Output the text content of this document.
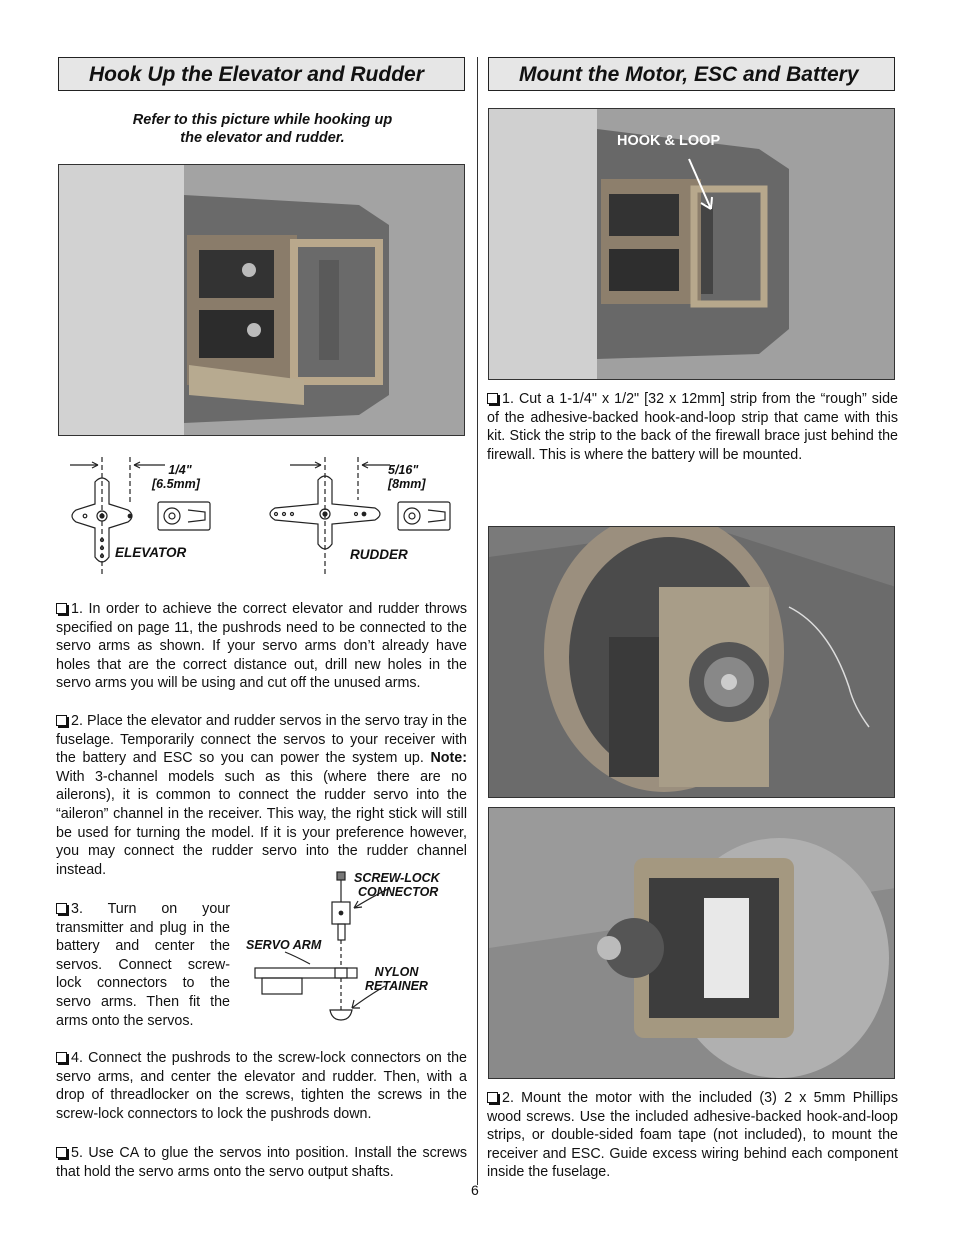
Hook Up the Elevator and Rudder
Refer to this picture while hooking up
the elevator and rudder.
1/4"
[6.5mm]
ELEVATOR
5/16"
[8mm]
RUDDER
1. In order to achieve the correct elevator and rudder throws specified on page 11, the pushrods need to be connected to the servo arms as shown. If your servo arms don’t already have holes that are the correct distance out, drill new holes in the servo arms you will be using and cut off the unused arms.
2. Place the elevator and rudder servos in the servo tray in the fuselage. Temporarily connect the servos to your receiver with the battery and ESC so you can power the system up. Note: With 3-channel models such as this (where there are no ailerons), it is common to connect the rudder servo into the “aileron” channel in the receiver. This way, the right stick will still be used for turning the model. If it is your preference however, you may connect the rudder servo into the rudder channel instead.
3. Turn on your transmitter and plug in the battery and center the servos. Connect screw-lock connectors to the servo arms. Then fit the arms onto the servos.
SCREW-LOCK
CONNECTOR
SERVO ARM
NYLON
RETAINER
4. Connect the pushrods to the screw-lock connectors on the servo arms, and center the elevator and rudder. Then, with a drop of threadlocker on the screws, tighten the screws in the screw-lock connectors to lock the pushrods down.
5. Use CA to glue the servos into position. Install the screws that hold the servo arms onto the servo output shafts.
Mount the Motor, ESC and Battery
HOOK & LOOP
1. Cut a 1-1/4" x 1/2" [32 x 12mm] strip from the “rough” side of the adhesive-backed hook-and-loop strip that came with this kit. Stick the strip to the back of the firewall brace just behind the firewall. This is where the battery will be mounted.
2. Mount the motor with the included (3) 2 x 5mm Phillips wood screws. Use the included adhesive-backed hook-and-loop strips, or double-sided foam tape (not included), to mount the receiver and ESC. Guide excess wiring behind each component inside the fuselage.
6
